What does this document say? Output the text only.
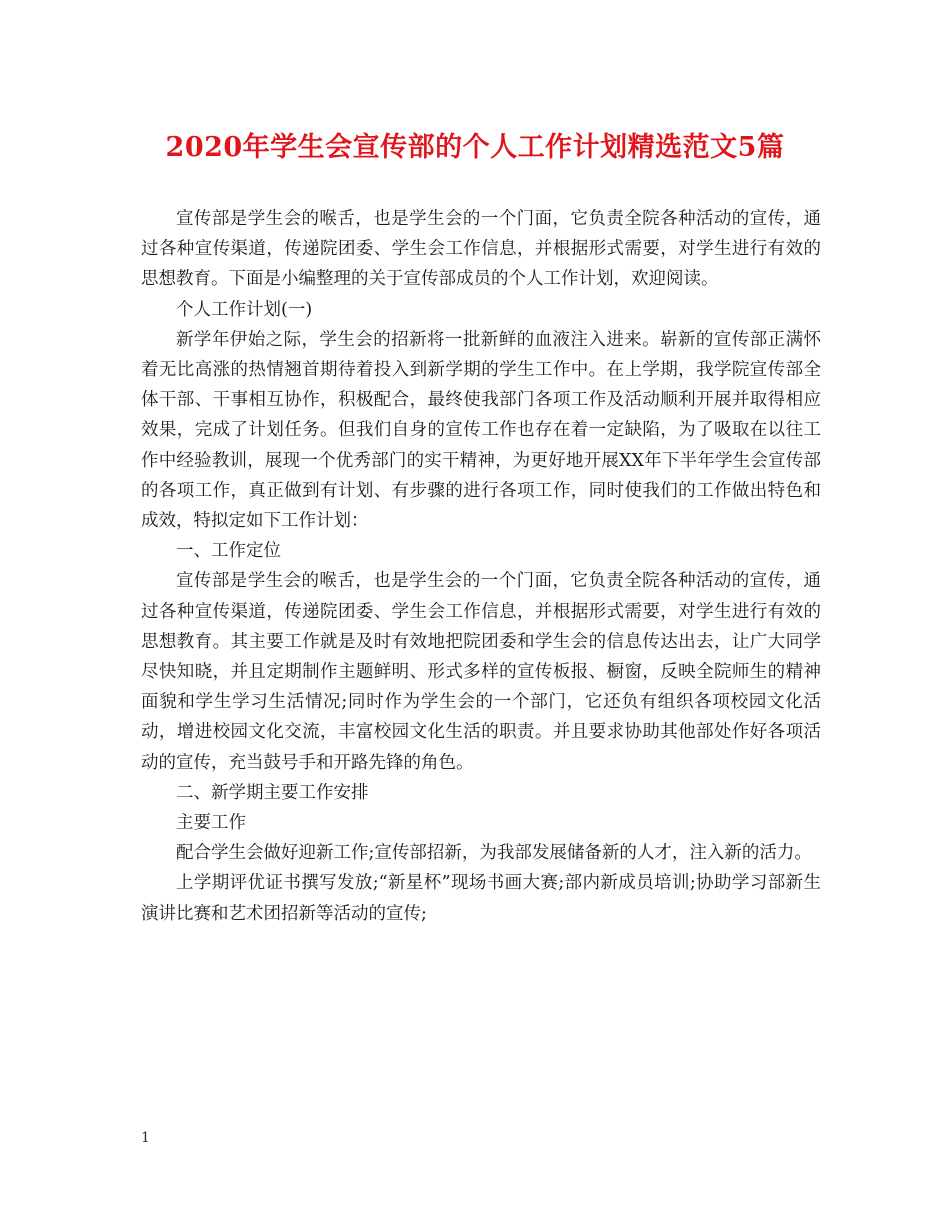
2020年学生会宣传部的个人工作计划精选范文5篇

宣传部是学生会的喉舌，也是学生会的一个门面，它负责全院各种活动的宣传，通过各种宣传渠道，传递院团委、学生会工作信息，并根据形式需要，对学生进行有效的思想教育。下面是小编整理的关于宣传部成员的个人工作计划，欢迎阅读。

个人工作计划(一)

新学年伊始之际，学生会的招新将一批新鲜的血液注入进来。崭新的宣传部正满怀着无比高涨的热情翘首期待着投入到新学期的学生工作中。在上学期，我学院宣传部全体干部、干事相互协作，积极配合，最终使我部门各项工作及活动顺利开展并取得相应效果，完成了计划任务。但我们自身的宣传工作也存在着一定缺陷，为了吸取在以往工作中经验教训，展现一个优秀部门的实干精神，为更好地开展XX年下半年学生会宣传部的各项工作，真正做到有计划、有步骤的进行各项工作，同时使我们的工作做出特色和成效，特拟定如下工作计划：

一、工作定位

宣传部是学生会的喉舌，也是学生会的一个门面，它负责全院各种活动的宣传，通过各种宣传渠道，传递院团委、学生会工作信息，并根据形式需要，对学生进行有效的思想教育。其主要工作就是及时有效地把院团委和学生会的信息传达出去，让广大同学尽快知晓，并且定期制作主题鲜明、形式多样的宣传板报、橱窗，反映全院师生的精神面貌和学生学习生活情况;同时作为学生会的一个部门，它还负有组织各项校园文化活动，增进校园文化交流，丰富校园文化生活的职责。并且要求协助其他部处作好各项活动的宣传，充当鼓号手和开路先锋的角色。

二、新学期主要工作安排

主要工作

配合学生会做好迎新工作;宣传部招新，为我部发展储备新的人才，注入新的活力。

上学期评优证书撰写发放;“新星杯”现场书画大赛;部内新成员培训;协助学习部新生演讲比赛和艺术团招新等活动的宣传;

1
